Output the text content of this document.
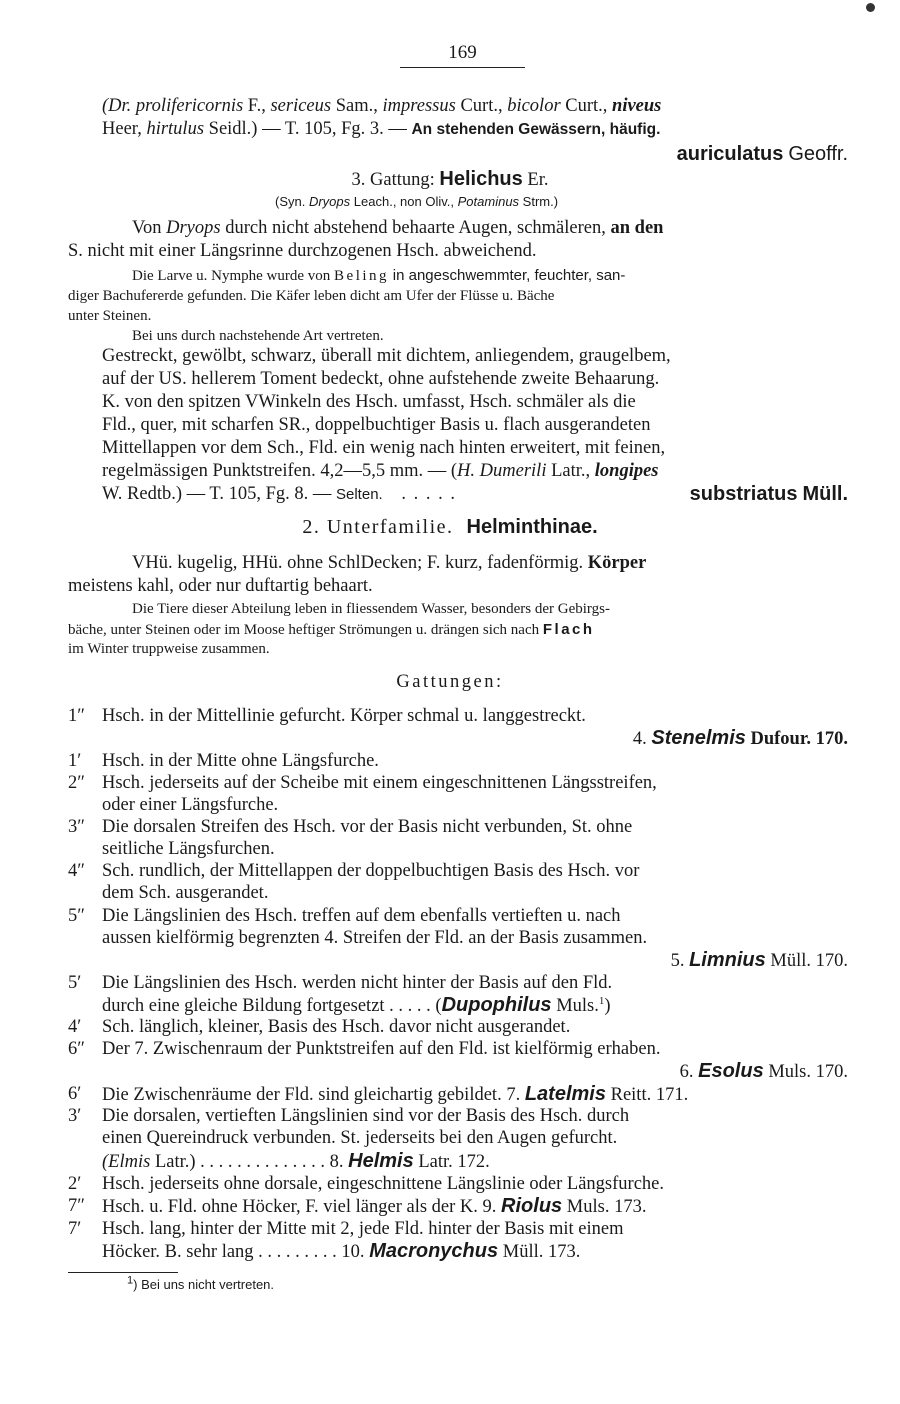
169
(Dr. prolifericornis F., sericeus Sam., impressus Curt., bicolor Curt., niveus
Heer, hirtulus Seidl.) — T. 105, Fg. 3. — An stehenden Gewässern, häufig.
auriculatus Geoffr.
3. Gattung: Helichus Er.
(Syn. Dryops Leach., non Oliv., Potaminus Strm.)
Von Dryops durch nicht abstehend behaarte Augen, schmäleren, an den
S. nicht mit einer Längsrinne durchzogenen Hsch. abweichend.
Die Larve u. Nymphe wurde von Beling in angeschwemmter, feuchter, san-
diger Bachufererde gefunden. Die Käfer leben dicht am Ufer der Flüsse u. Bäche
unter Steinen.
Bei uns durch nachstehende Art vertreten.
Gestreckt, gewölbt, schwarz, überall mit dichtem, anliegendem, graugelbem,
auf der US. hellerem Toment bedeckt, ohne aufstehende zweite Behaarung.
K. von den spitzen VWinkeln des Hsch. umfasst, Hsch. schmäler als die
Fld., quer, mit scharfen SR., doppelbuchtiger Basis u. flach ausgerandeten
Mittellappen vor dem Sch., Fld. ein wenig nach hinten erweitert, mit feinen,
regelmässigen Punktstreifen. 4,2—5,5 mm. — (H. Dumerili Latr., longipes
W. Redtb.) — T. 105, Fg. 8. — Selten. . . . . .	substriatus Müll.
2. Unterfamilie. Helminthinae.
VHü. kugelig, HHü. ohne SchlDecken; F. kurz, fadenförmig. Körper
meistens kahl, oder nur duftartig behaart.
Die Tiere dieser Abteilung leben in fliessendem Wasser, besonders der Gebirgs-
bäche, unter Steinen oder im Moose heftiger Strömungen u. drängen sich nach Flach
im Winter truppweise zusammen.
Gattungen:
1″ Hsch. in der Mittellinie gefurcht. Körper schmal u. langgestreckt.
4. Stenelmis Dufour. 170.
1′ Hsch. in der Mitte ohne Längsfurche.
2″ Hsch. jederseits auf der Scheibe mit einem eingeschnittenen Längsstreifen,
oder einer Längsfurche.
3″ Die dorsalen Streifen des Hsch. vor der Basis nicht verbunden, St. ohne
seitliche Längsfurchen.
4″ Sch. rundlich, der Mittellappen der doppelbuchtigen Basis des Hsch. vor
dem Sch. ausgerandet.
5″ Die Längslinien des Hsch. treffen auf dem ebenfalls vertieften u. nach
aussen kielförmig begrenzten 4. Streifen der Fld. an der Basis zusammen.
5. Limnius Müll. 170.
5′ Die Längslinien des Hsch. werden nicht hinter der Basis auf den Fld.
durch eine gleiche Bildung fortgesetzt . . . . . (Dupophilus Muls.$^1$)
4′ Sch. länglich, kleiner, Basis des Hsch. davor nicht ausgerandet.
6″ Der 7. Zwischenraum der Punktstreifen auf den Fld. ist kielförmig erhaben.
6. Esolus Muls. 170.
6′ Die Zwischenräume der Fld. sind gleichartig gebildet. 7. Latelmis Reitt. 171.
3′ Die dorsalen, vertieften Längslinien sind vor der Basis des Hsch. durch
einen Quereindruck verbunden. St. jederseits bei den Augen gefurcht.
(Elmis Latr.) . . . . . . . . . . . . . . 8. Helmis Latr. 172.
2′ Hsch. jederseits ohne dorsale, eingeschnittene Längslinie oder Längsfurche.
7″ Hsch. u. Fld. ohne Höcker, F. viel länger als der K. 9. Riolus Muls. 173.
7′ Hsch. lang, hinter der Mitte mit 2, jede Fld. hinter der Basis mit einem
Höcker. B. sehr lang . . . . . . . . . 10. Macronychus Müll. 173.
$^1$) Bei uns nicht vertreten.
